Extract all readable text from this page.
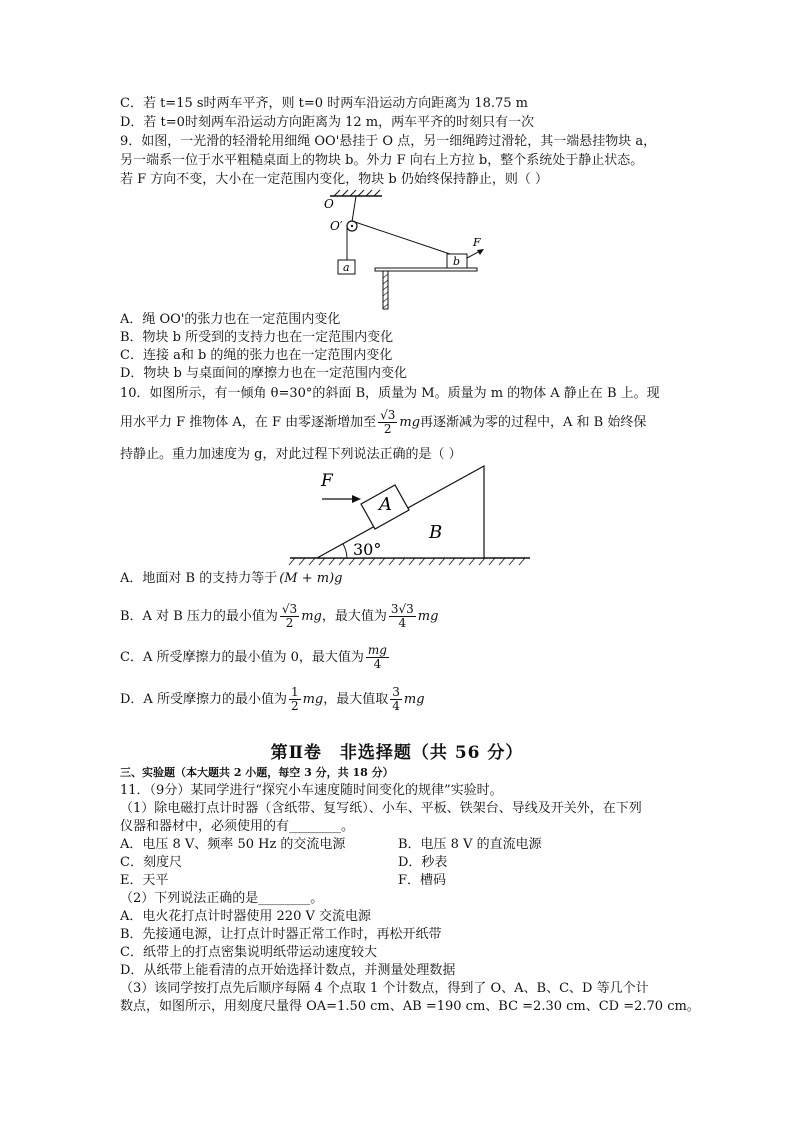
C．若 t=15 s时两车平齐，则 t=0 时两车沿运动方向距离为 18.75 m
D．若 t=0时刻两车沿运动方向距离为 12 m，两车平齐的时刻只有一次
9．如图，一光滑的轻滑轮用细绳 OO'悬挂于 O 点，另一细绳跨过滑轮，其一端悬挂物块 a，
另一端系一位于水平粗糙桌面上的物块 b。外力 F 向右上方拉 b，整个系统处于静止状态。
若 F 方向不变，大小在一定范围内变化，物块 b 仍始终保持静止，则（ ）
O
O′
a	b
F
A．绳 OO'的张力也在一定范围内变化
B．物块 b 所受到的支持力也在一定范围内变化
C．连接 a和 b 的绳的张力也在一定范围内变化
D．物块 b 与桌面间的摩擦力也在一定范围内变化
10．如图所示，有一倾角 θ=30°的斜面 B，质量为 M。质量为 m 的物体 A 静止在 B 上。现
用水平力 F 推物体 A，在 F 由零逐渐增加至 $\frac{√3}{2}$ mg再逐渐减为零的过程中，A 和 B 始终保
持静止。重力加速度为 g，对此过程下列说法正确的是（ ）
F
A
B
30°
A．地面对 B 的支持力等于 (M + m)g
B．A 对 B 压力的最小值为 $\frac{√3}{2}$ mg，最大值为 $\frac{3√3}{4}$ mg
C．A 所受摩擦力的最小值为 0，最大值为 $\frac{mg}{4}$
D．A 所受摩擦力的最小值为 $\frac{1}{2}$ mg，最大值取 $\frac{3}{4}$ mg
第Ⅱ卷　非选择题（共 56 分）
三、实验题（本大题共 2 小题，每空 3 分，共 18 分）
11．（9分）某同学进行“探究小车速度随时间变化的规律”实验时。
（1）除电磁打点计时器（含纸带、复写纸）、小车、平板、铁架台、导线及开关外，在下列
仪器和器材中，必须使用的有________。
A．电压 8 V、频率 50 Hz 的交流电源	B．电压 8 V 的直流电源
C．刻度尺	D．秒表
E．天平	F．槽码
（2）下列说法正确的是________。
A．电火花打点计时器使用 220 V 交流电源
B．先接通电源，让打点计时器正常工作时，再松开纸带
C．纸带上的打点密集说明纸带运动速度较大
D．从纸带上能看清的点开始选择计数点，并测量处理数据
（3）该同学按打点先后顺序每隔 4 个点取 1 个计数点，得到了 O、A、B、C、D 等几个计
数点，如图所示，用刻度尺量得 OA=1.50 cm、AB =190 cm、BC =2.30 cm、CD =2.70 cm。
